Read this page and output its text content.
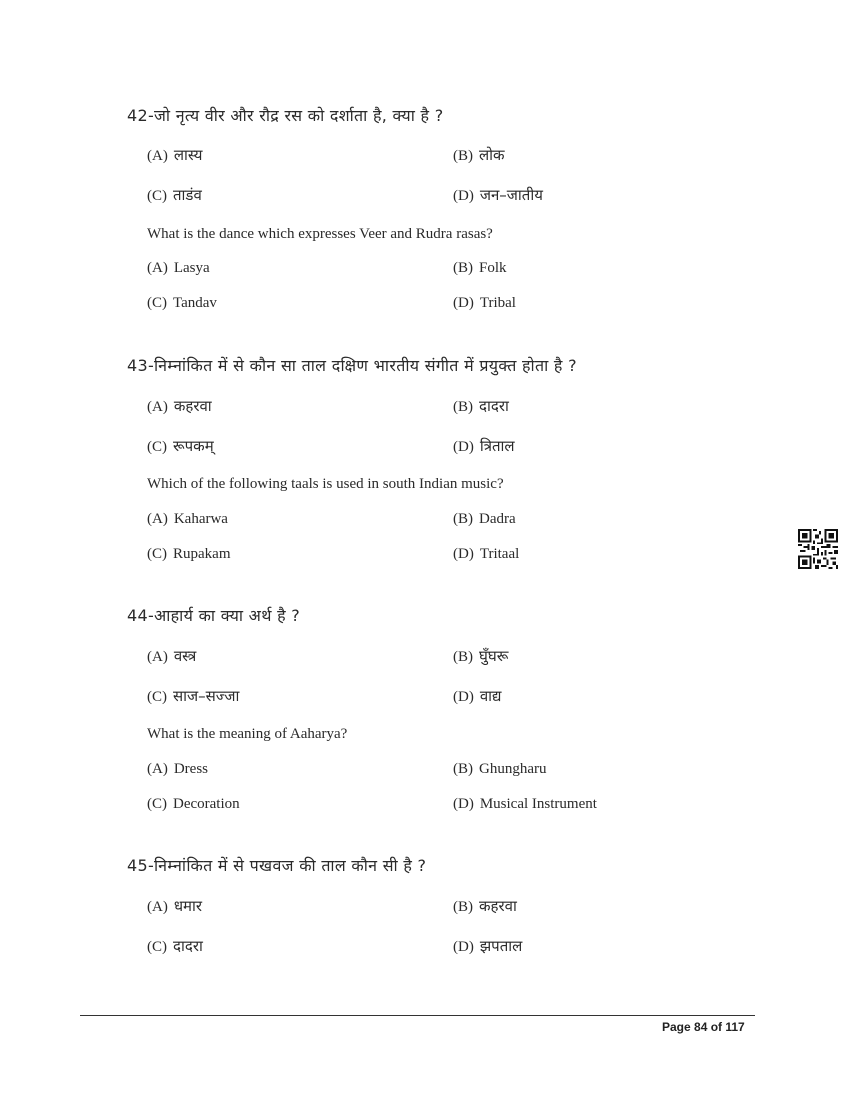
42-जो नृत्य वीर और रौद्र रस को दर्शाता है, क्या है ?
(A) लास्य	(B) लोक
(C) ताडंव	(D) जन–जातीय
What is the dance which expresses Veer and Rudra rasas?
(A) Lasya	(B) Folk
(C) Tandav	(D) Tribal
43-निम्नांकित में से कौन सा ताल दक्षिण भारतीय संगीत में प्रयुक्त होता है ?
(A) कहरवा	(B) दादरा
(C) रूपकम्	(D) त्रिताल
Which of the following taals is used in south Indian music?
(A) Kaharwa	(B) Dadra
(C) Rupakam	(D) Tritaal
44-आहार्य का क्या अर्थ है ?
(A) वस्त्र	(B) घुँघरू
(C) साज–सज्जा	(D) वाद्य
What is the meaning of Aaharya?
(A) Dress	(B) Ghungharu
(C) Decoration	(D) Musical Instrument
45-निम्नांकित में से पखवज की ताल कौन सी है ?
(A) धमार	(B) कहरवा
(C) दादरा	(D) झपताल
Page 84 of 117
